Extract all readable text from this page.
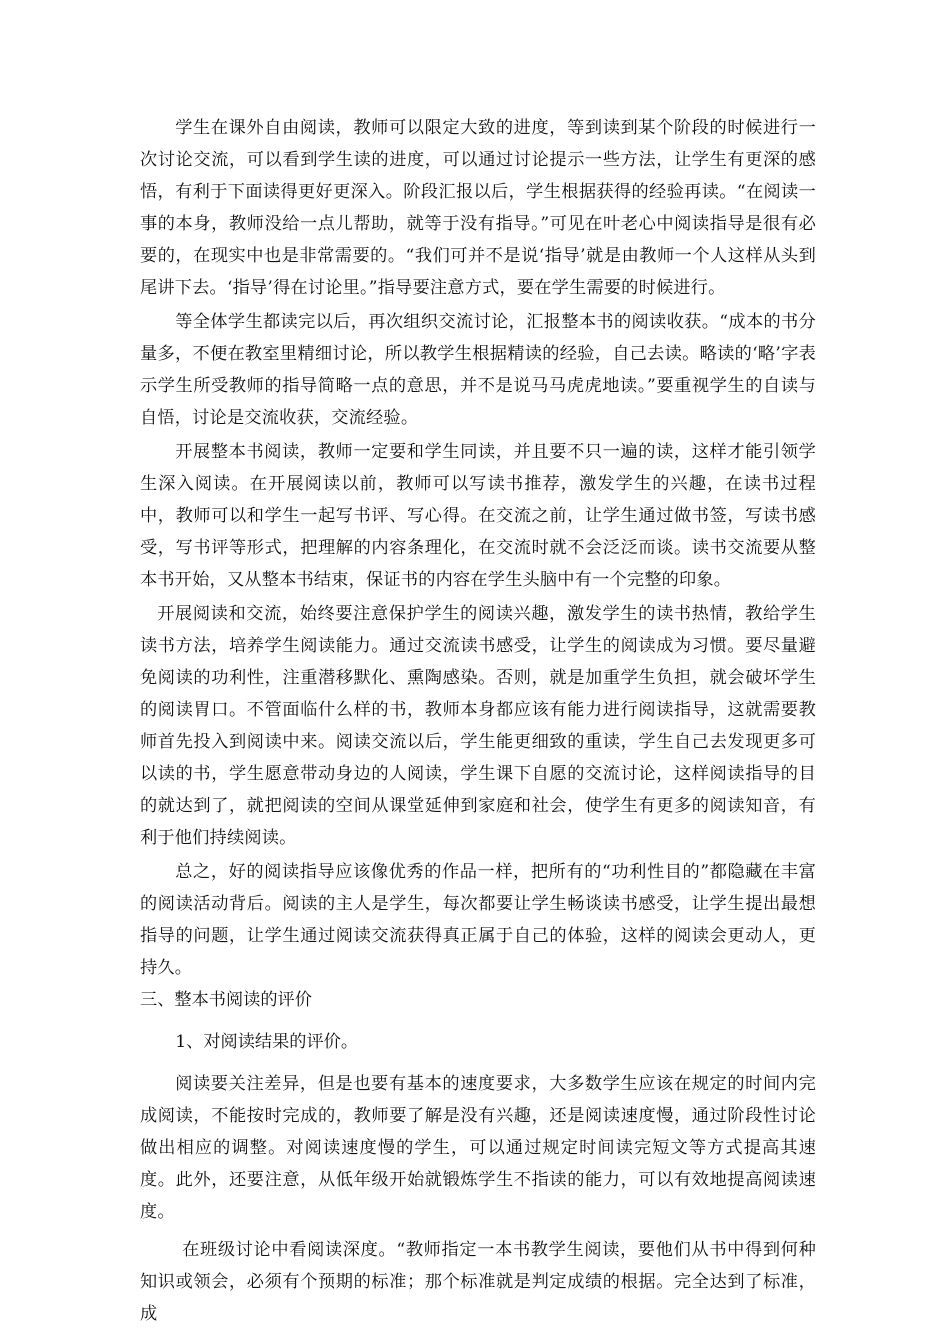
学生在课外自由阅读，教师可以限定大致的进度，等到读到某个阶段的时候进行一次讨论交流，可以看到学生读的进度，可以通过讨论提示一些方法，让学生有更深的感悟，有利于下面读得更好更深入。阶段汇报以后，学生根据获得的经验再读。“在阅读一事的本身，教师没给一点儿帮助，就等于没有指导。”可见在叶老心中阅读指导是很有必要的，在现实中也是非常需要的。“我们可并不是说‘指导’就是由教师一个人这样从头到尾讲下去。‘指导’得在讨论里。”指导要注意方式，要在学生需要的时候进行。

等全体学生都读完以后，再次组织交流讨论，汇报整本书的阅读收获。“成本的书分量多，不便在教室里精细讨论，所以教学生根据精读的经验，自己去读。略读的‘略’字表示学生所受教师的指导简略一点的意思，并不是说马马虎虎地读。”要重视学生的自读与自悟，讨论是交流收获，交流经验。

开展整本书阅读，教师一定要和学生同读，并且要不只一遍的读，这样才能引领学生深入阅读。在开展阅读以前，教师可以写读书推荐，激发学生的兴趣，在读书过程中，教师可以和学生一起写书评、写心得。在交流之前，让学生通过做书签，写读书感受，写书评等形式，把理解的内容条理化，在交流时就不会泛泛而谈。读书交流要从整本书开始，又从整本书结束，保证书的内容在学生头脑中有一个完整的印象。

开展阅读和交流，始终要注意保护学生的阅读兴趣，激发学生的读书热情，教给学生读书方法，培养学生阅读能力。通过交流读书感受，让学生的阅读成为习惯。要尽量避免阅读的功利性，注重潜移默化、熏陶感染。否则，就是加重学生负担，就会破坏学生的阅读胃口。不管面临什么样的书，教师本身都应该有能力进行阅读指导，这就需要教师首先投入到阅读中来。阅读交流以后，学生能更细致的重读，学生自己去发现更多可以读的书，学生愿意带动身边的人阅读，学生课下自愿的交流讨论，这样阅读指导的目的就达到了，就把阅读的空间从课堂延伸到家庭和社会，使学生有更多的阅读知音，有利于他们持续阅读。

总之，好的阅读指导应该像优秀的作品一样，把所有的“功利性目的”都隐藏在丰富的阅读活动背后。阅读的主人是学生，每次都要让学生畅谈读书感受，让学生提出最想指导的问题，让学生通过阅读交流获得真正属于自己的体验，这样的阅读会更动人，更持久。

三、整本书阅读的评价

1、对阅读结果的评价。

阅读要关注差异，但是也要有基本的速度要求，大多数学生应该在规定的时间内完成阅读，不能按时完成的，教师要了解是没有兴趣，还是阅读速度慢，通过阶段性讨论做出相应的调整。对阅读速度慢的学生，可以通过规定时间读完短文等方式提高其速度。此外，还要注意，从低年级开始就锻炼学生不指读的能力，可以有效地提高阅读速度。

在班级讨论中看阅读深度。“教师指定一本书教学生阅读，要他们从书中得到何种知识或领会，必须有个预期的标准；那个标准就是判定成绩的根据。完全达到了标准，成
